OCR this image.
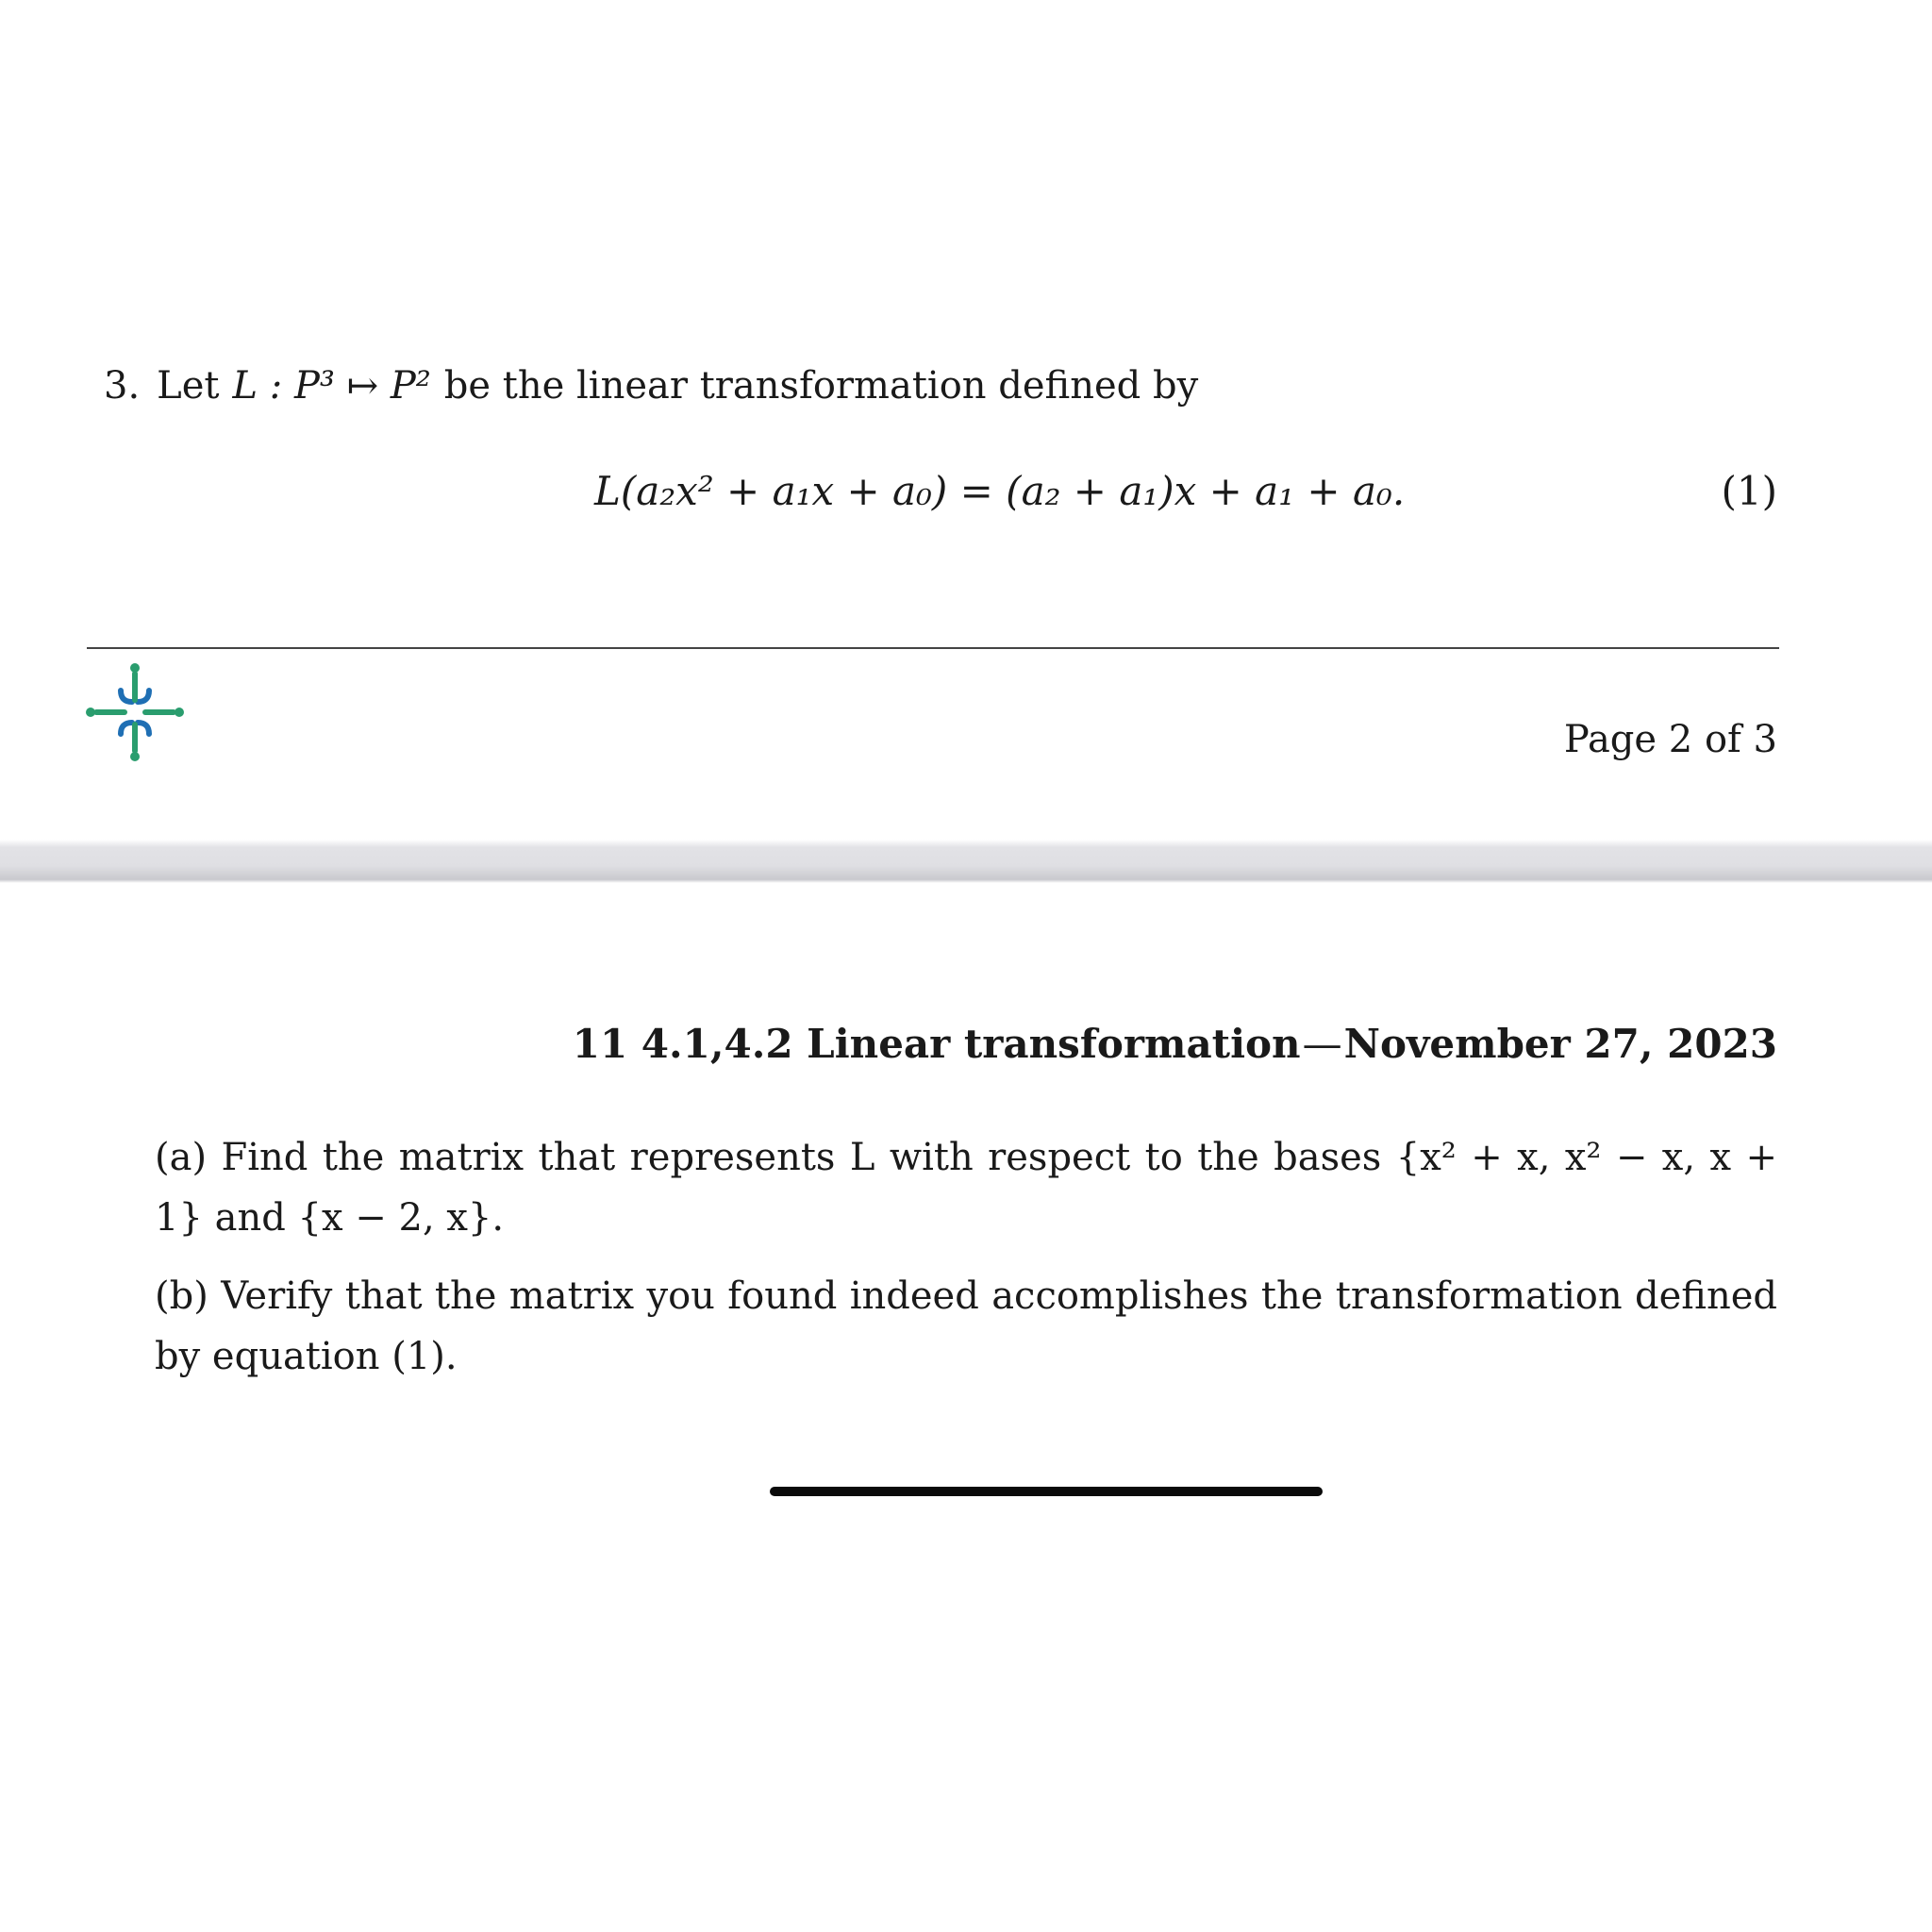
3. Let L : P³ ↦ P² be the linear transformation defined by
L(a₂x² + a₁x + a₀) = (a₂ + a₁)x + a₁ + a₀.	(1)
Page 2 of 3
11 4.1,4.2 Linear transformation—November 27, 2023
(a) Find the matrix that represents L with respect to the bases {x² + x, x² − x, x + 1} and {x − 2, x}.
(b) Verify that the matrix you found indeed accomplishes the transformation defined by equation (1).
